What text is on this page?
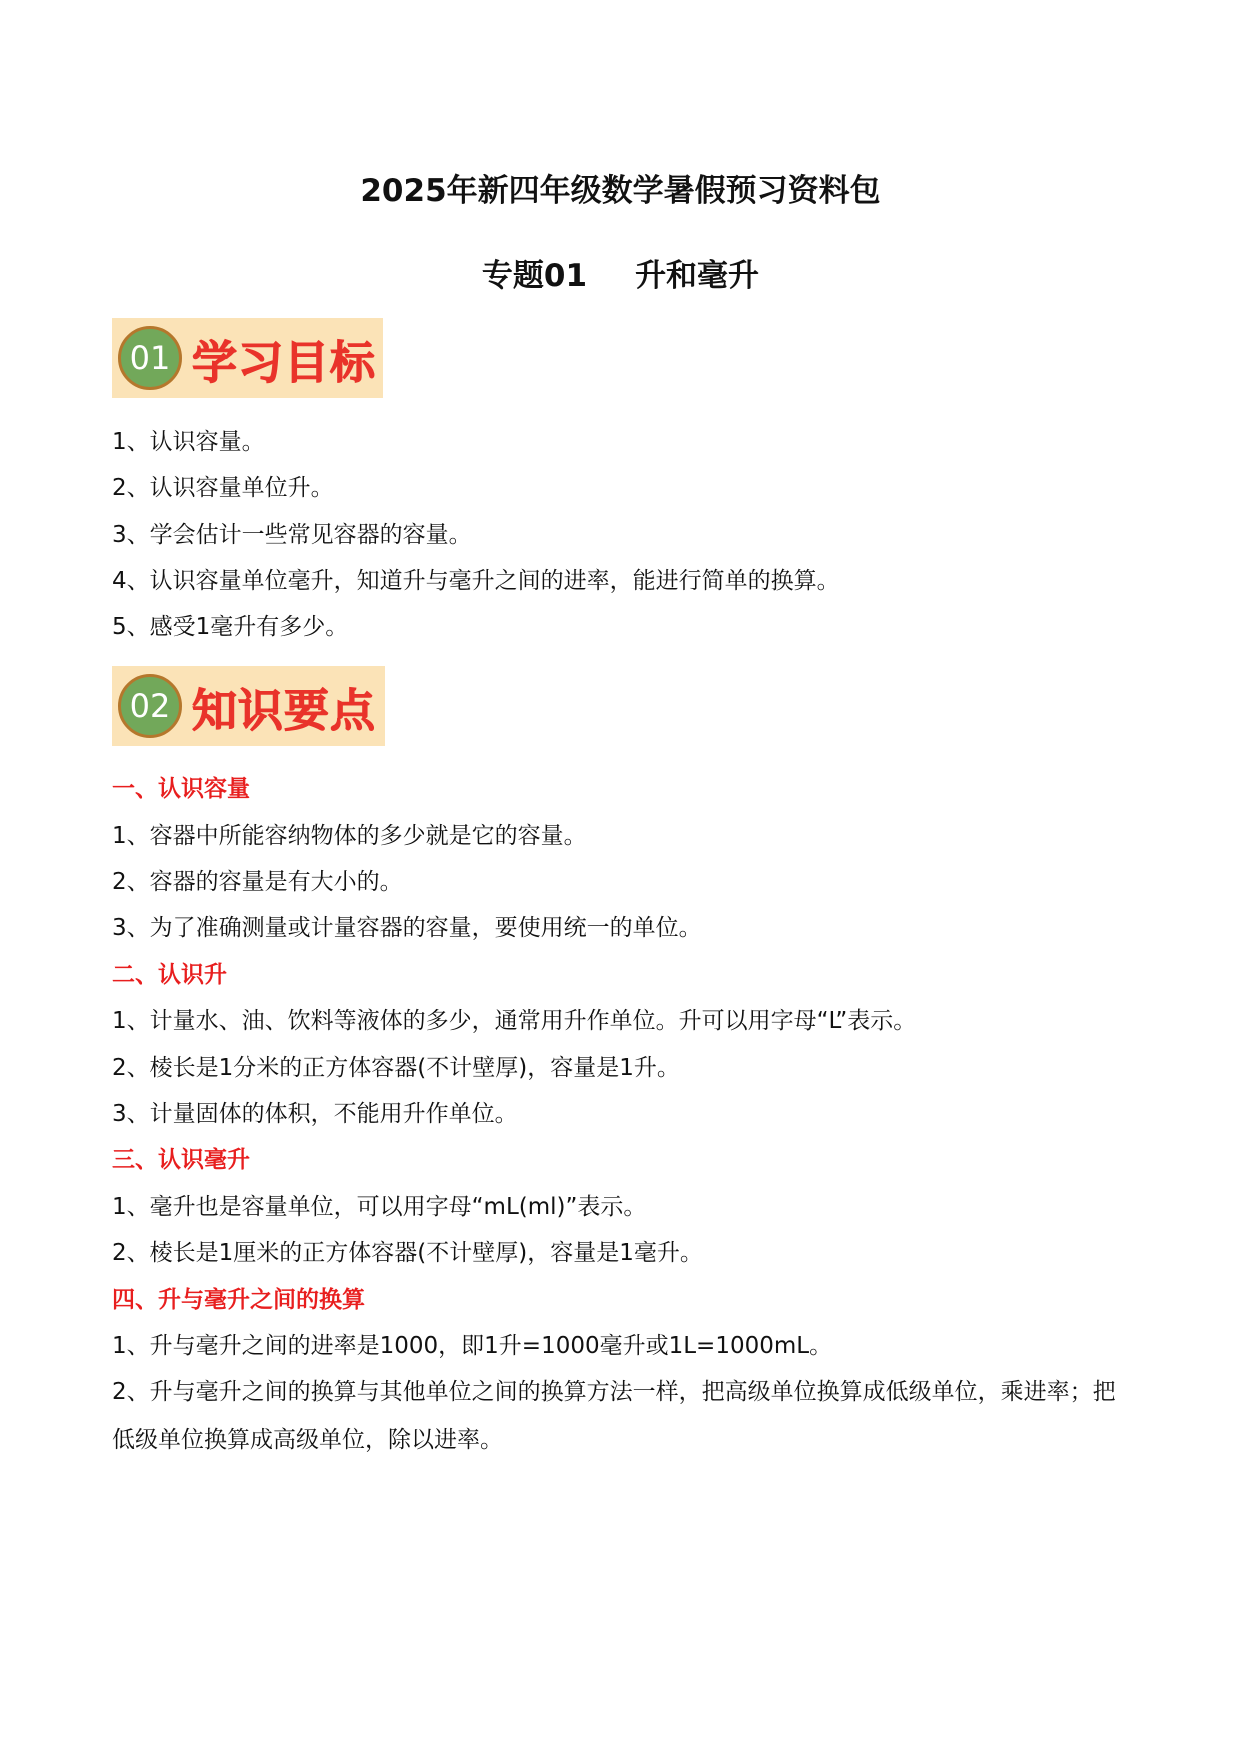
2025年新四年级数学暑假预习资料包
专题01 升和毫升
01 学习目标
1、认识容量。
2、认识容量单位升。
3、学会估计一些常见容器的容量。
4、认识容量单位毫升，知道升与毫升之间的进率，能进行简单的换算。
5、感受1毫升有多少。
02 知识要点
一、认识容量
1、容器中所能容纳物体的多少就是它的容量。
2、容器的容量是有大小的。
3、为了准确测量或计量容器的容量，要使用统一的单位。
二、认识升
1、计量水、油、饮料等液体的多少，通常用升作单位。升可以用字母“L”表示。
2、棱长是1分米的正方体容器(不计壁厚)，容量是1升。
3、计量固体的体积，不能用升作单位。
三、认识毫升
1、毫升也是容量单位，可以用字母“mL(ml)”表示。
2、棱长是1厘米的正方体容器(不计壁厚)，容量是1毫升。
四、升与毫升之间的换算
1、升与毫升之间的进率是1000，即1升=1000毫升或1L=1000mL。
2、升与毫升之间的换算与其他单位之间的换算方法一样，把高级单位换算成低级单位，乘进率；把低级单位换算成高级单位，除以进率。
